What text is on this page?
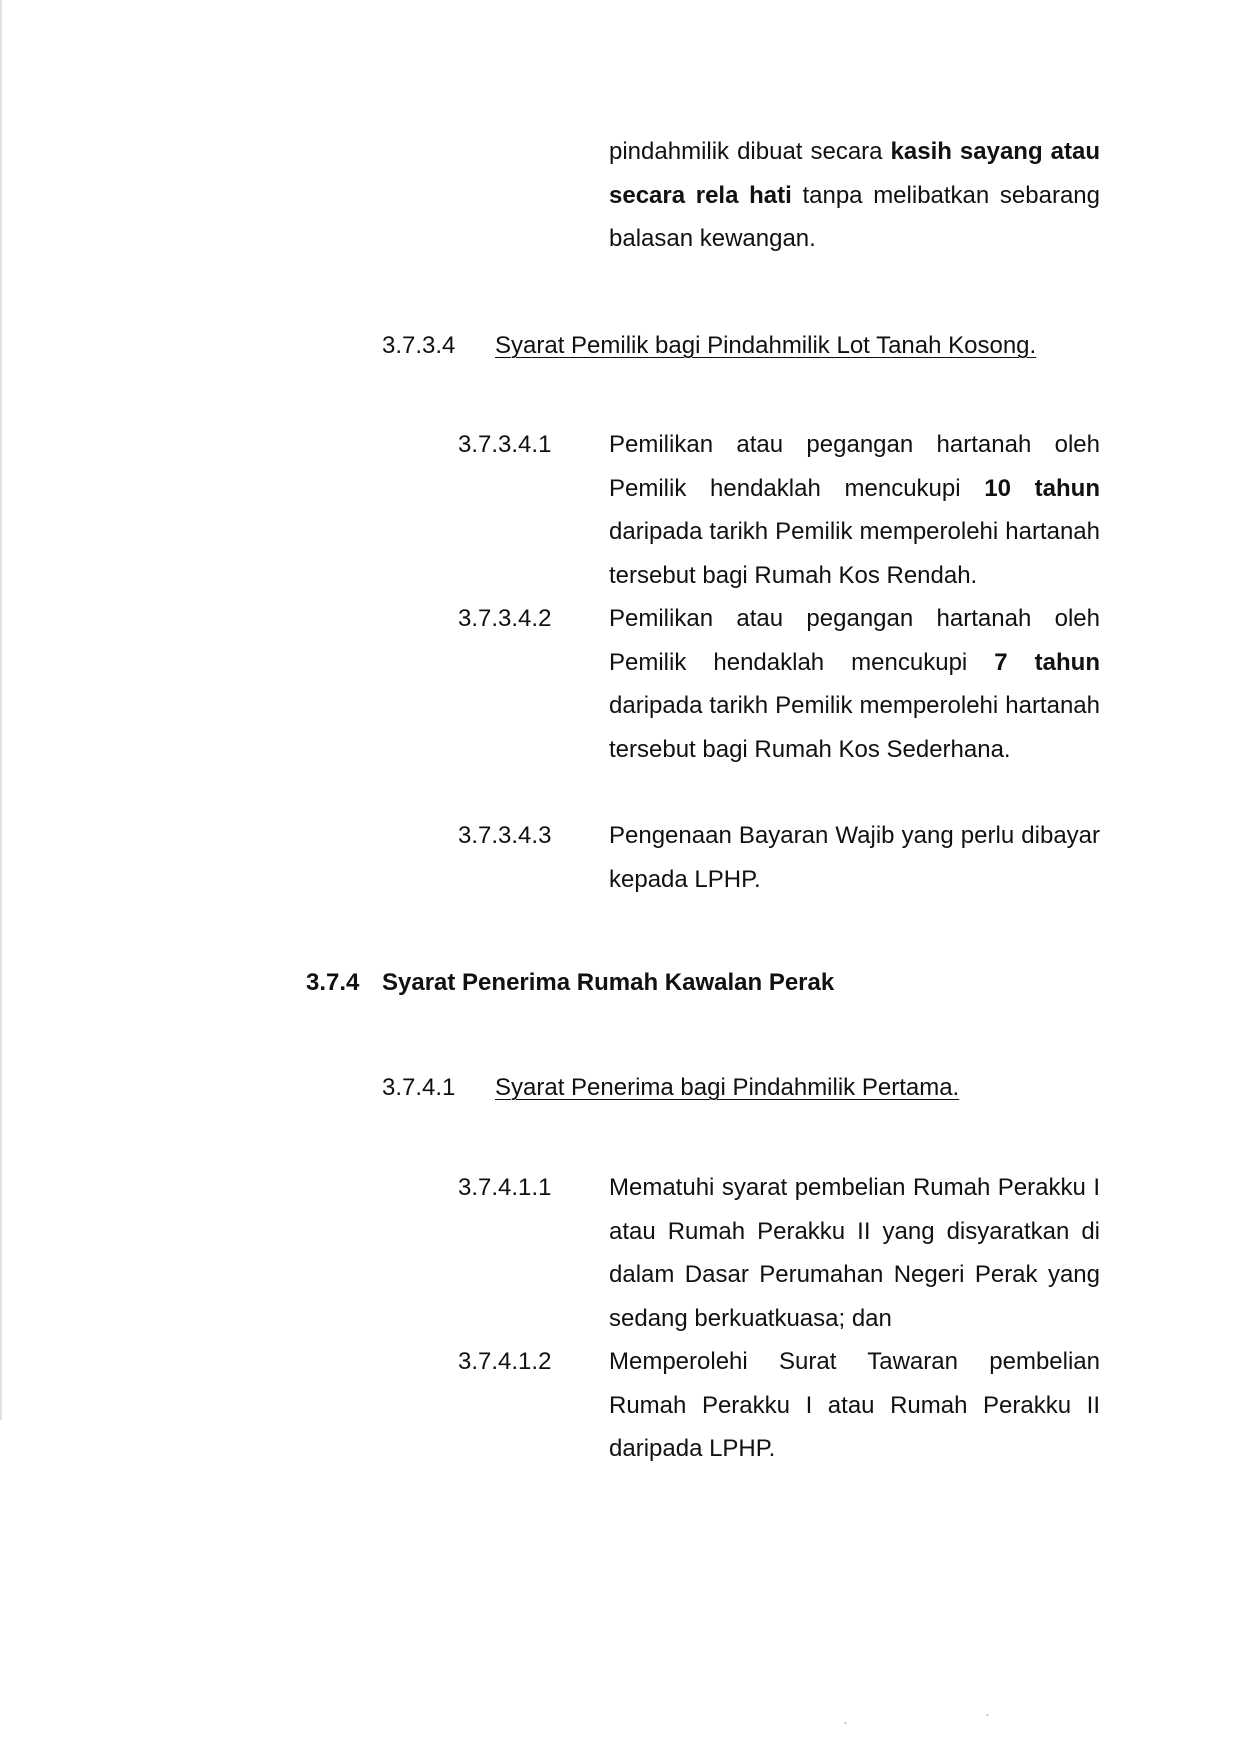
pindahmilik dibuat secara kasih sayang atau secara rela hati tanpa melibatkan sebarang balasan kewangan.
3.7.3.4 Syarat Pemilik bagi Pindahmilik Lot Tanah Kosong.
3.7.3.4.1 Pemilikan atau pegangan hartanah oleh Pemilik hendaklah mencukupi 10 tahun daripada tarikh Pemilik memperolehi hartanah tersebut bagi Rumah Kos Rendah.
3.7.3.4.2 Pemilikan atau pegangan hartanah oleh Pemilik hendaklah mencukupi 7 tahun daripada tarikh Pemilik memperolehi hartanah tersebut bagi Rumah Kos Sederhana.
3.7.3.4.3 Pengenaan Bayaran Wajib yang perlu dibayar kepada LPHP.
3.7.4 Syarat Penerima Rumah Kawalan Perak
3.7.4.1 Syarat Penerima bagi Pindahmilik Pertama.
3.7.4.1.1 Mematuhi syarat pembelian Rumah Perakku I atau Rumah Perakku II yang disyaratkan di dalam Dasar Perumahan Negeri Perak yang sedang berkuatkuasa; dan
3.7.4.1.2 Memperolehi Surat Tawaran pembelian Rumah Perakku I atau Rumah Perakku II daripada LPHP.
